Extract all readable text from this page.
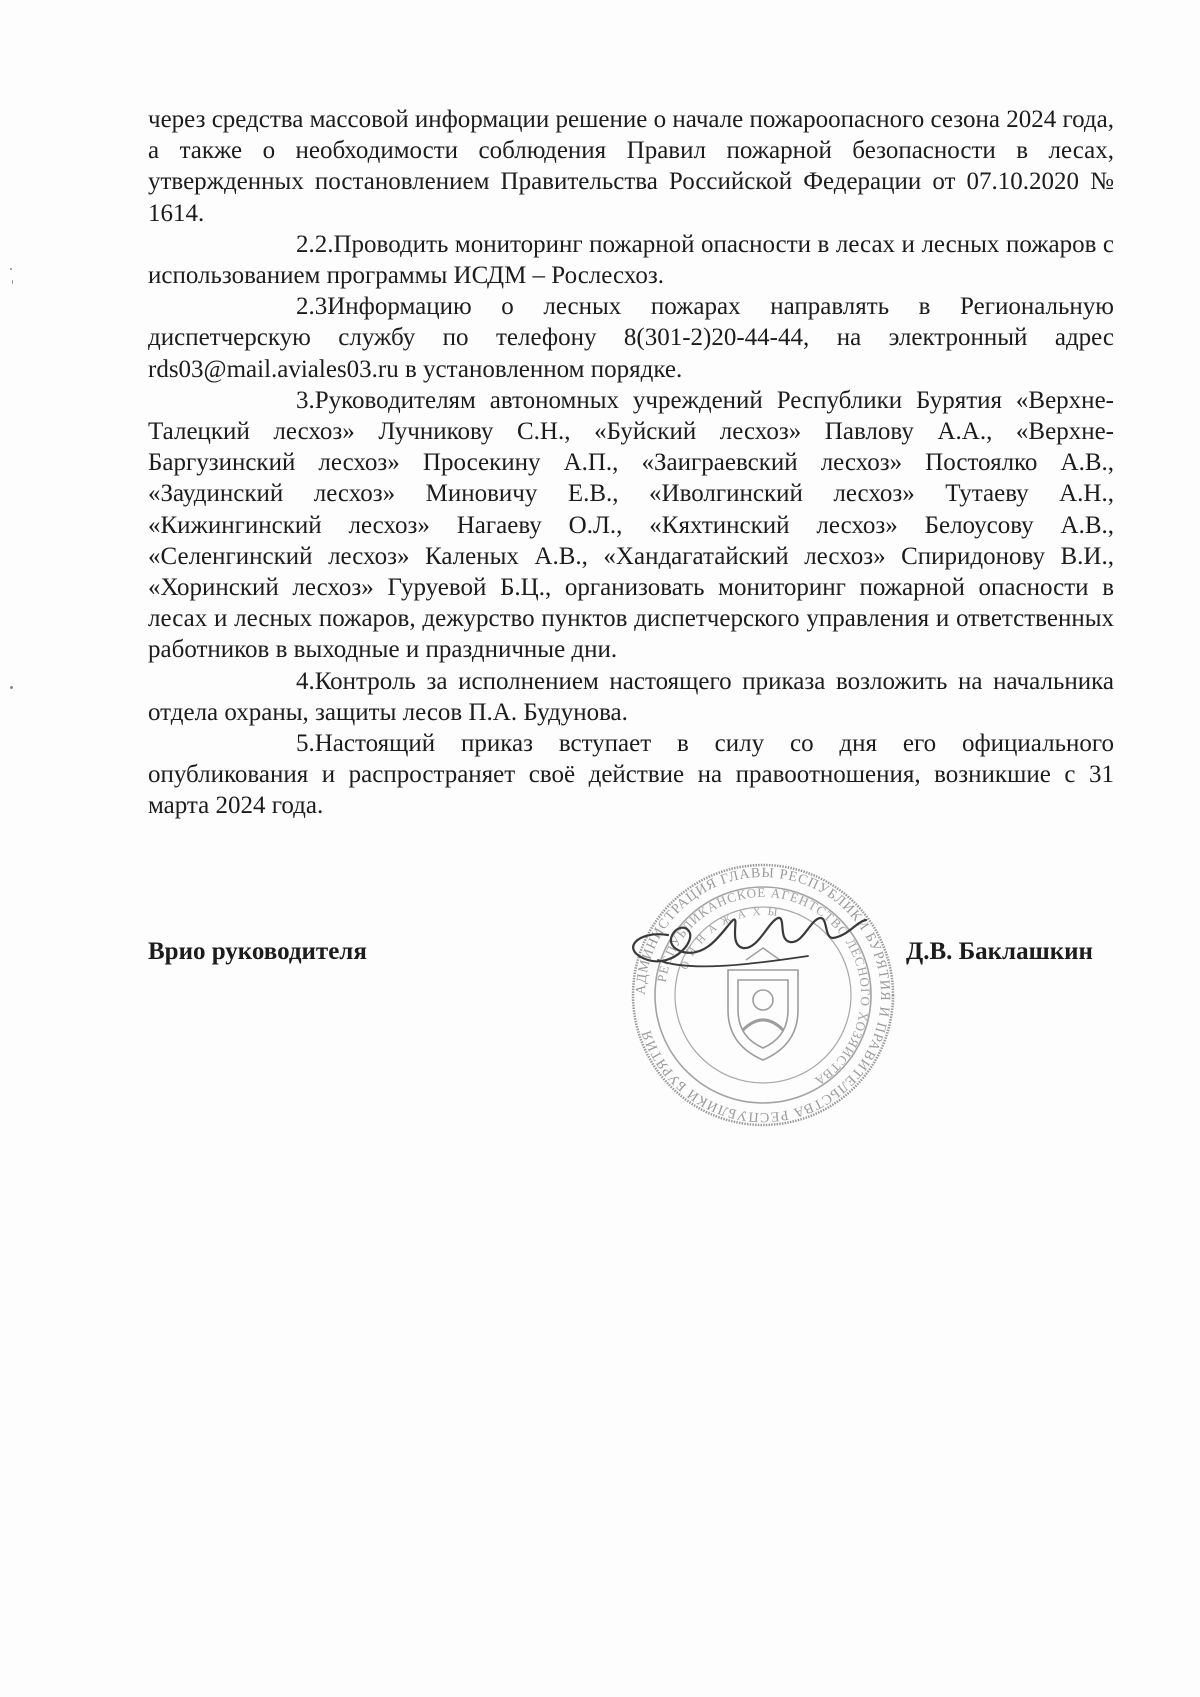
через средства массовой информации решение о начале пожароопасного сезона 2024 года, а также о необходимости соблюдения Правил пожарной безопасности в лесах, утвержденных постановлением Правительства Российской Федерации от 07.10.2020 № 1614.

2.2.Проводить мониторинг пожарной опасности в лесах и лесных пожаров с использованием программы ИСДМ – Рослесхоз.

2.3Информацию о лесных пожарах направлять в Региональную диспетчерскую службу по телефону 8(301-2)20-44-44, на электронный адрес rds03@mail.aviales03.ru в установленном порядке.

3.Руководителям автономных учреждений Республики Бурятия «Верхне-Талецкий лесхоз» Лучникову С.Н., «Буйский лесхоз» Павлову А.А., «Верхне-Баргузинский лесхоз» Просекину А.П., «Заиграевский лесхоз» Постоялко А.В., «Заудинский лесхоз» Миновичу Е.В., «Иволгинский лесхоз» Тутаеву А.Н., «Кижингинский лесхоз» Нагаеву О.Л., «Кяхтинский лесхоз» Белоусову А.В., «Селенгинский лесхоз» Каленых А.В., «Хандагатайский лесхоз» Спиридонову В.И., «Хоринский лесхоз» Гуруевой Б.Ц., организовать мониторинг пожарной опасности в лесах и лесных пожаров, дежурство пунктов диспетчерского управления и ответственных работников в выходные и праздничные дни.

4.Контроль за исполнением настоящего приказа возложить на начальника отдела охраны, защиты лесов П.А. Будунова.

5.Настоящий приказ вступает в силу со дня его официального опубликования и распространяет своё действие на правоотношения, возникшие с 31 марта 2024 года.

Врио руководителя
АДМИНИСТРАЦИЯ ГЛАВЫ РЕСПУБЛИКИ БУРЯТИЯ И ПРАВИТЕЛЬСТВА РЕСПУБЛИКИ БУРЯТИЯ
РЕСПУБЛИКАНСКОЕ АГЕНТСТВО ЛЕСНОГО ХОЗЯЙСТВА
О Й Н А Ж А Х Ы
Д.В. Баклашкин
